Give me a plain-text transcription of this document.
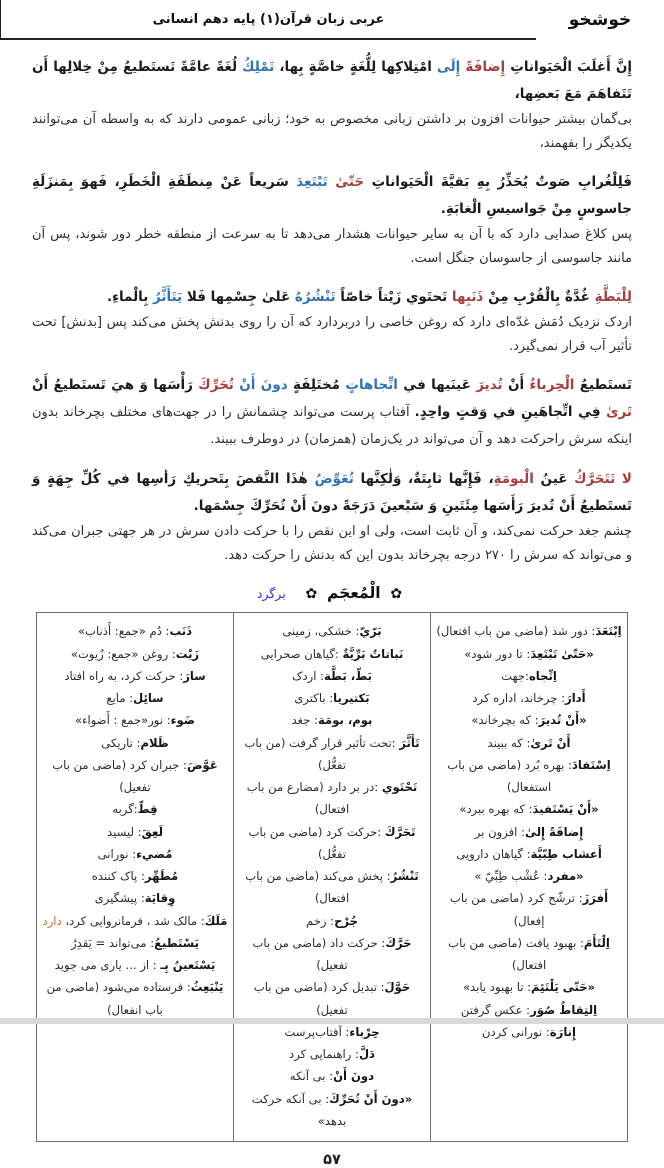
خوشخو
عربی زبان قرآن(۱) پایه دهم انسانی

إِنَّ أَغلَبَ الْحَيَواناتِ إِضافَةً إِلَى امْتِلاكِها لِلُّغَةٍ خاصَّةٍ بِها، تَمْلِكُ لُغَةً عامَّةً تَستَطيعُ مِنْ خِلالِها أَن تَتَفاهَمَ مَعَ بَعضِها،
بی‌گمان بیشتر حیوانات افزون بر داشتن زبانی مخصوص به خود؛ زبانی عمومی دارند که به واسطه آن می‌توانند یکدیگر را بفهمند،

فَلِلْغُرابِ صَوتٌ يُحَذِّرُ بِهِ بَقيَّةَ الْحَيَواناتِ حَتّیٰ تَبْتَعِدَ سَريعاً عَنْ مِنطَقَةِ الْخَطَرِ، فَهوَ بِمَنزَلَةِ جاسوسٍ مِنْ جَواسيسِ الْغابَةِ.
پس کلاغ صدایی دارد که با آن به سایر حیوانات هشدار می‌دهد تا به سرعت از منطقه خطر دور شوند، پس آن مانند جاسوسی از جاسوسان جنگل است.

لِلْبَطَّةِ غُدَّةٌ بِالْقُرْبِ مِنْ ذَنَبِها تَحتَوي زَيْتاً خاصّاً تَنْشُرُهُ عَلیٰ جِسْمِها فَلا يَتَأَثَّرُ بِالْماءِ.
اردک نزدیک دُمَش غدّه‌ای دارد که روغن خاصی را دربردارد که آن را روی بدنش پخش می‌کند پس [بدنش] تحت تأثیر آب قرار نمی‌گیرد.

تَستَطيعُ الْحِرباءُ أَنْ تُديرَ عَينَيها في اتِّجاهاتٍ مُختَلِفَةٍ دونَ أَنْ تُحَرِّكَ رَأْسَها وَ هيَ تَستَطيعُ أَنْ تَرىٰ فِي اتِّجاهَينِ في وَقتٍ واحِدٍ. آفتاب پرست می‌تواند چشمانش را در جهت‌های مختلف بچرخاند بدون اینکه سرش راحرکت دهد و آن می‌تواند در یک‌زمان (همزمان) در دوطرف ببیند.

لا تَتَحَرَّكُ عَينُ الْبومَةِ، فَإِنَّها ثابِتَةٌ، وَلٰكِنَّها تُعَوِّضُ هٰذَا النَّقصَ بِتَحريكِ رَأسِها في كُلِّ جِهَةٍ وَ تَستَطيعُ أَنْ تُديرَ رَأَسَها مِئَتَينِ وَ سَبْعينَ دَرَجَةً دونَ أَنْ تُحَرِّكَ جِسْمَها.
چشم جغد حرکت نمی‌کند، و آن ثابت است، ولی او این نقص را با حرکت دادن سرش در هر جهتی جبران می‌کند و می‌تواند که سرش را ۲۷۰ درجه بچرخاند بدون این که بدنش را حرکت دهد.

✿ الْمُعجَم ✿ برگرد
اِبْتَعَدَ: دور شد (ماضی من باب افتعال)
«حَتّیٰ تَبْتَعِدَ: تا دور شود»
اِتِّجاه:جهت
أَدارَ: چرخاند، اداره کرد
«أَنْ تُديرَ: که بچرخاند»
أَنْ تَرىٰ: که ببیند
اِسْتَفادَ: بهره بُرد (ماضی من باب استفعال)
«أَنْ يَسْتَفيدَ: که بهره ببرد»
إِضافَةً إِلیٰ: افزون بر
أَعشاب طِبّيَّة: گیاهان دارویی
«مفرد: عُشْب طِبِّيّ »
أَفرَزَ: ترشّح کرد (ماضی من باب إفعال)
اِلْتَأَمَ: بهبود یافت (ماضی من باب افتعال)
«حَتّی يَلْتَئِمَ: تا بهبود یابد»
اِلتِقاطُ صُوَر: عکس گرفتن
إِنارَة: نورانی کردن
بَرّيّ: خشکی، زمینی
نَباتاتٌ بَرِّيَّةٌ :گیاهان صحرایی
بَطّ، بَطَّة: اردک
بَکتیریا: باکتری
بوم، بومَة: جغد
تَأَثَّرَ :تحت تأثیر قرار گرفت (من باب تفعُّل)
تَحْتَوي :در بر دارد (مضارع من باب افتعال)
تَحَرَّكَ :حرکت کرد (ماضی من باب تفعُّل)
تَنْشُرُ: پخش می‌کند (ماضی من باب افتعال)
جُرْح: زخم
حَرَّكَ: حرکت داد (ماضی من باب تفعیل)
حَوَّلَ: تبدیل کرد (ماضی من باب تفعیل)
حِرْباء: آفتاب‌پرست
دَلَّ: راهنمایی کرد
دونَ أَنْ: بی آنکه
«دونَ أَنْ تُحَرِّكَ: بی آنکه حرکت بدهد»
ذَنَب: دُم «جمع: أَذناب»
زَيْت: روغن «جمع: زُيوت»
سارَ: حرکت کرد، به راه افتاد
سائِل: مایع
ضَوء: نور«جمع : أَضواء»
ظَلام: تاریکی
عَوَّضَ: جبران کرد (ماضی من باب تفعیل)
قِطّ:گربه
لَعِقَ: لیسید
مُضيء: نورانی
مُطَهِّر: پاک کننده
وِقايَة: پیشگیری
مَلَكَ: مالک شد ، فرمانروایی کرد، دارد
يَسْتَطيعُ: می‌تواند = يَقدِرُ
يَسْتَعينُ بِـ : از ... یاری می جوید
يَنْبَعِثُ: فرستاده می‌شود (ماضی من باب انفعال)
۵۷
